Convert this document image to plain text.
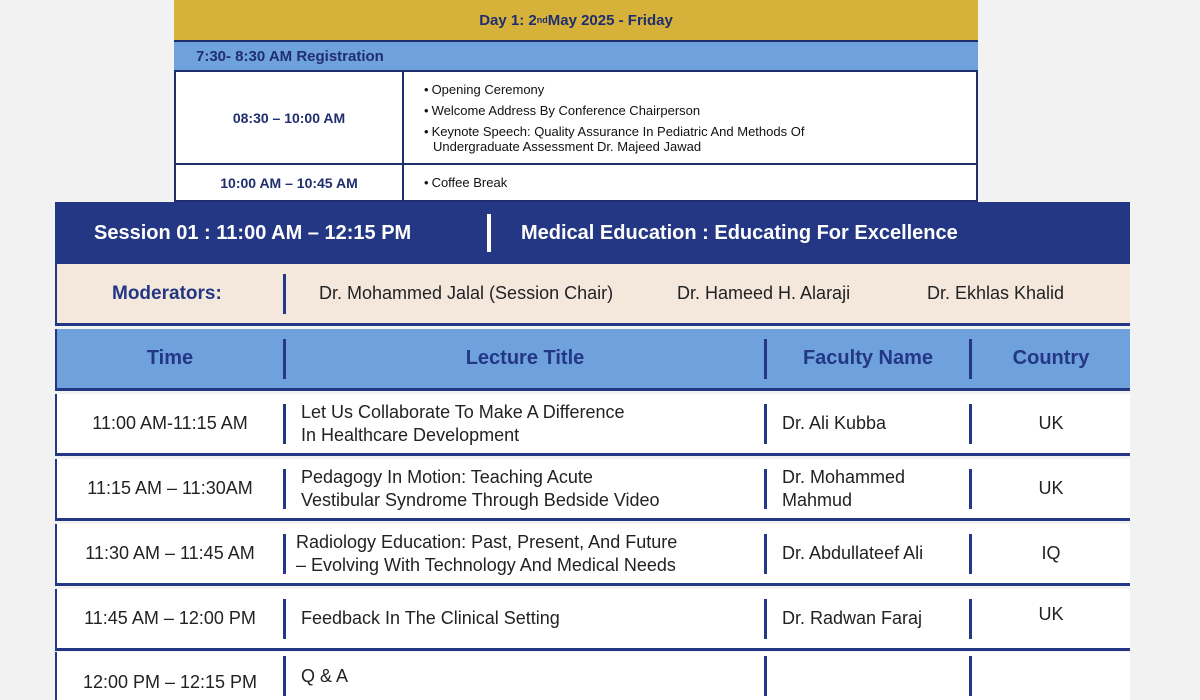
Day 1: 2 nd May 2025 - Friday
7:30- 8:30 AM Registration
08:30 – 10:00 AM
• Opening Ceremony
• Welcome Address By Conference Chairperson
• Keynote Speech: Quality Assurance In Pediatric And Methods Of
Undergraduate Assessment Dr. Majeed Jawad
10:00 AM – 10:45 AM
•	Coffee Break
Session 01 : 11:00 AM – 12:15 PM	Medical Education : Educating For Excellence
Moderators:	Dr. Mohammed Jalal (Session Chair)	Dr. Hameed H. Alaraji	Dr. Ekhlas Khalid
Time	Lecture Title	Faculty Name	Country
11:00 AM-11:15 AM
Let Us Collaborate To Make A Difference
In Healthcare Development
Dr. Ali Kubba	UK
11:15 AM – 11:30AM
Pedagogy In Motion: Teaching Acute
Vestibular Syndrome Through Bedside Video
Dr. Mohammed
Mahmud
UK
11:30 AM – 11:45 AM
Radiology Education: Past, Present, And Future
– Evolving With Technology And Medical Needs
Dr. Abdullateef Ali	IQ
11:45 AM – 12:00 PM	Feedback In The Clinical Setting	Dr. Radwan Faraj	UK
12:00 PM – 12:15 PM	Q & A
